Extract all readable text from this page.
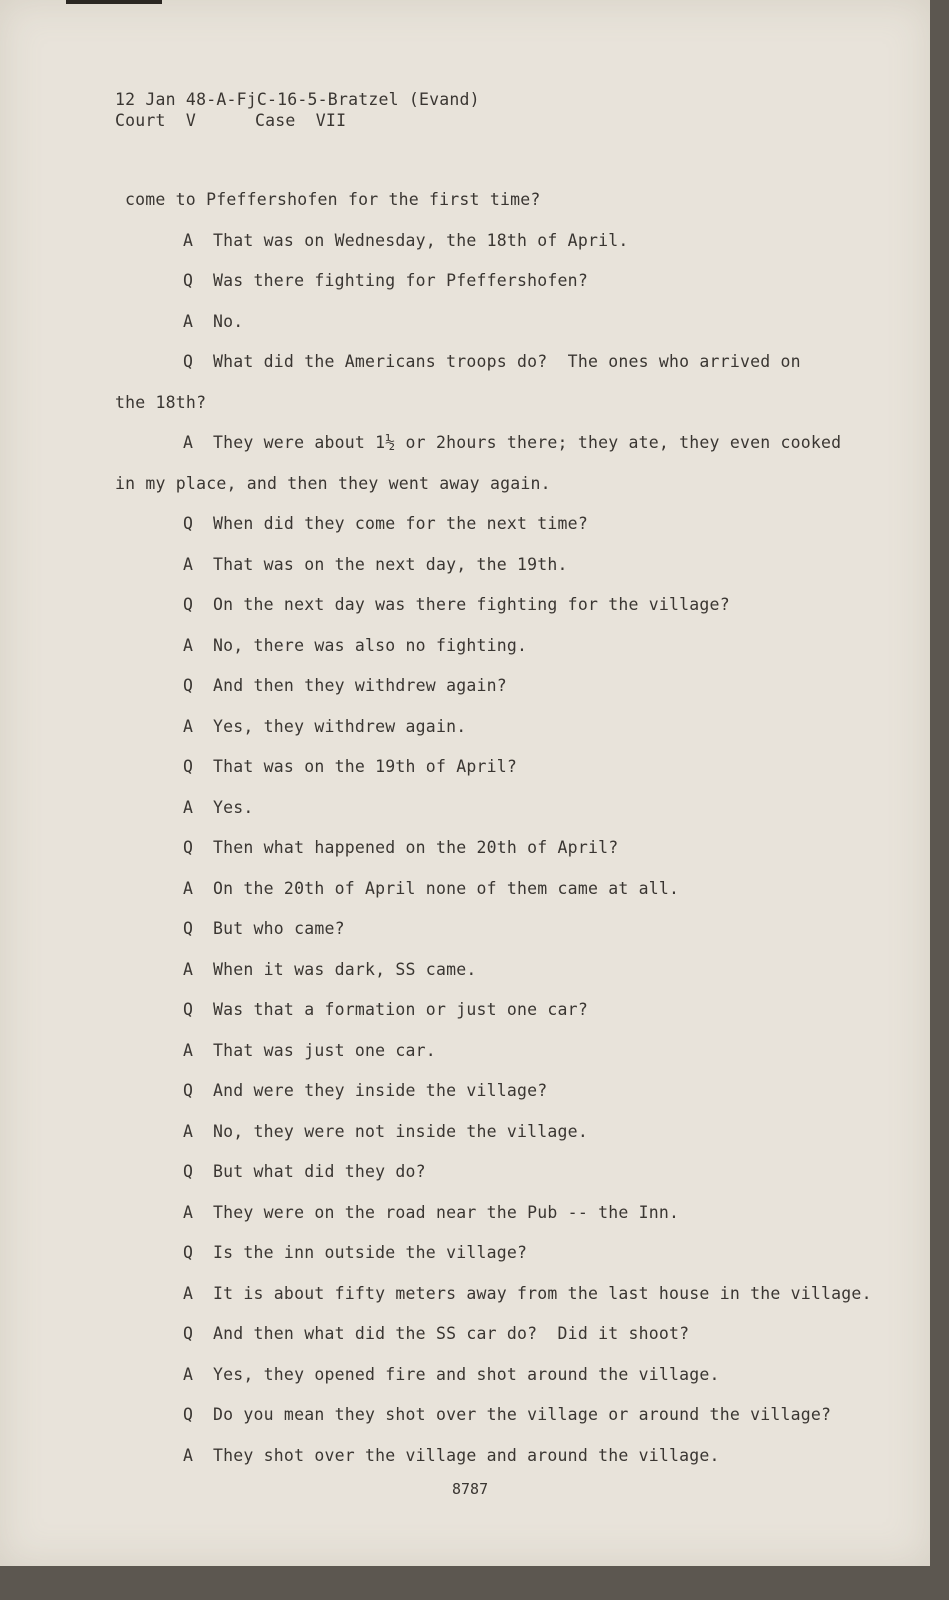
12 Jan 48-A-FjC-16-5-Bratzel (Evand)
Court  V	Case  VII
come to Pfeffershofen for the first time?
A That was on Wednesday, the 18th of April.
Q Was there fighting for Pfeffershofen?
A No.
Q What did the Americans troops do?  The ones who arrived on
the 18th?
A They were about 1½ or 2hours there; they ate, they even cooked
in my place, and then they went away again.
Q When did they come for the next time?
A That was on the next day, the 19th.
Q On the next day was there fighting for the village?
A No, there was also no fighting.
Q And then they withdrew again?
A Yes, they withdrew again.
Q That was on the 19th of April?
A Yes.
Q Then what happened on the 20th of April?
A On the 20th of April none of them came at all.
Q But who came?
A When it was dark, SS came.
Q Was that a formation or just one car?
A That was just one car.
Q And were they inside the village?
A No, they were not inside the village.
Q But what did they do?
A They were on the road near the Pub -- the Inn.
Q Is the inn outside the village?
A It is about fifty meters away from the last house in the village.
Q And then what did the SS car do?  Did it shoot?
A Yes, they opened fire and shot around the village.
Q Do you mean they shot over the village or around the village?
A They shot over the village and around the village.
8787
